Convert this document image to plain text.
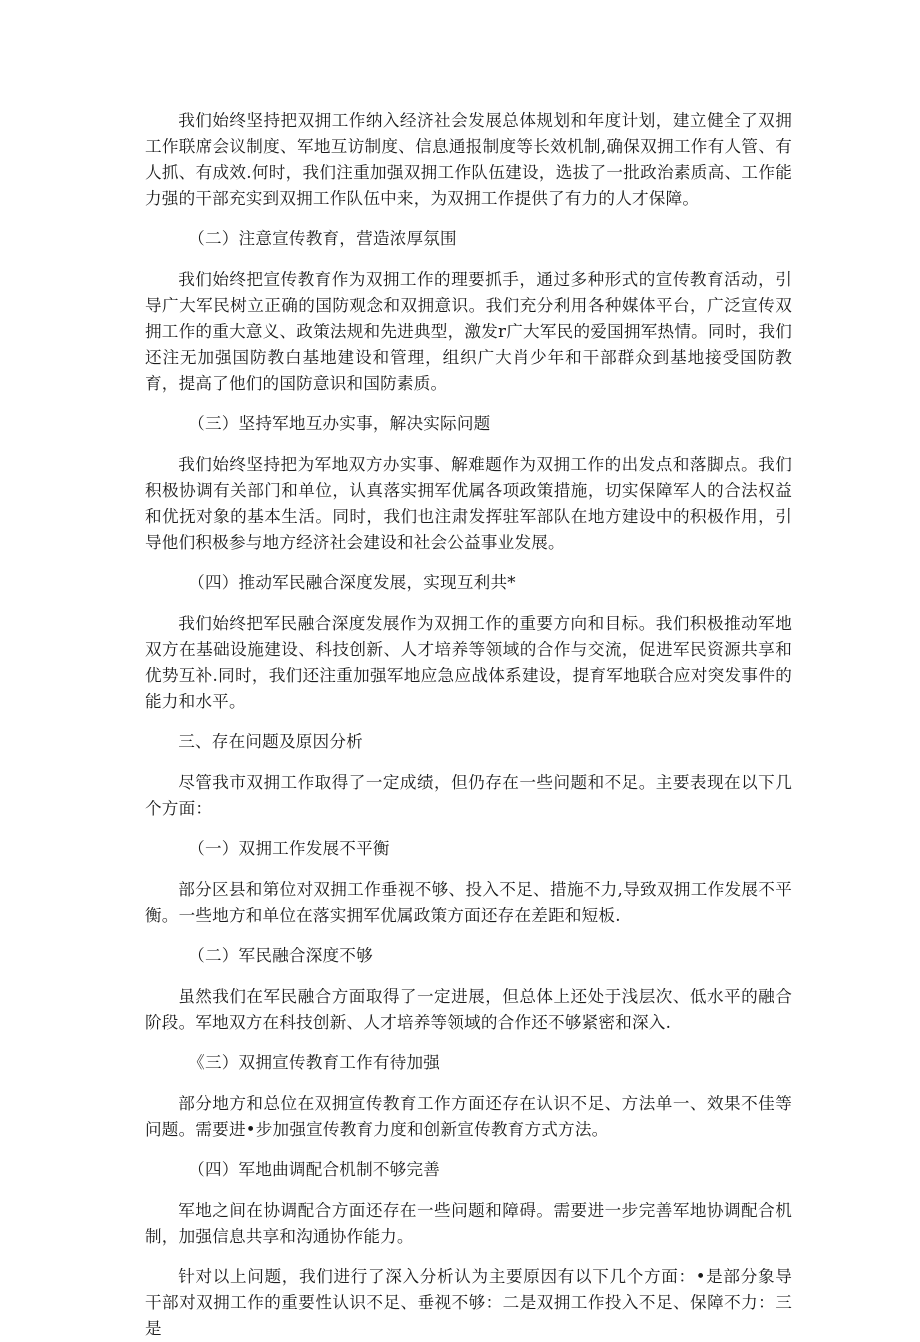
我们始终坚持把双拥工作纳入经济社会发展总体规划和年度计划，建立健全了双拥工作联席会议制度、军地互访制度、信息通报制度等长效机制,确保双拥工作有人管、有人抓、有成效.何时，我们注重加强双拥工作队伍建设，选拔了一批政治素质高、工作能力强的干部充实到双拥工作队伍中来，为双拥工作提供了有力的人才保障。

（二）注意宣传教育，营造浓厚氛围

我们始终把宣传教育作为双拥工作的理要抓手，通过多种形式的宣传教育活动，引导广大军民树立正确的国防观念和双拥意识。我们充分利用各种媒体平台，广泛宣传双拥工作的重大意义、政策法规和先进典型，激发r广大军民的爱国拥军热情。同时，我们还注无加强国防教白基地建设和管理，组织广大肖少年和干部群众到基地接受国防教育，提高了他们的国防意识和国防素质。

（三）坚持军地互办实事，解决实际问题

我们始终坚持把为军地双方办实事、解难题作为双拥工作的出发点和落脚点。我们积极协调有关部门和单位，认真落实拥军优属各项政策措施，切实保障军人的合法权益和优抚对象的基本生活。同时，我们也注肃发挥驻军部队在地方建设中的积极作用，引导他们积极参与地方经济社会建设和社会公益事业发展。

（四）推动军民融合深度发展，实现互利共*

我们始终把军民融合深度发展作为双拥工作的重要方向和目标。我们积极推动军地双方在基础设施建设、科技创新、人才培养等领域的合作与交流，促进军民资源共享和优势互补.同时，我们还注重加强军地应急应战体系建设，提育军地联合应对突发事件的能力和水平。

三、存在问题及原因分析

尽管我市双拥工作取得了一定成绩，但仍存在一些问题和不足。主要表现在以下几个方面：

（一）双拥工作发展不平衡

部分区县和第位对双拥工作垂视不够、投入不足、措施不力,导致双拥工作发展不平衡。一些地方和单位在落实拥军优属政策方面还存在差距和短板.

（二）军民融合深度不够

虽然我们在军民融合方面取得了一定进展，但总体上还处于浅层次、低水平的融合阶段。军地双方在科技创新、人才培养等领域的合作还不够紧密和深入.

《三）双拥宣传教育工作有待加强

部分地方和总位在双拥宣传教育工作方面还存在认识不足、方法单一、效果不佳等问题。需要进•步加强宣传教育力度和创新宣传教育方式方法。

（四）军地曲调配合机制不够完善

军地之间在协调配合方面还存在一些问题和障碍。需要进一步完善军地协调配合机制，加强信息共享和沟通协作能力。

针对以上问题，我们进行了深入分析认为主要原因有以下几个方面：•是部分象导干部对双拥工作的重要性认识不足、垂视不够：二是双拥工作投入不足、保障不力：三是
